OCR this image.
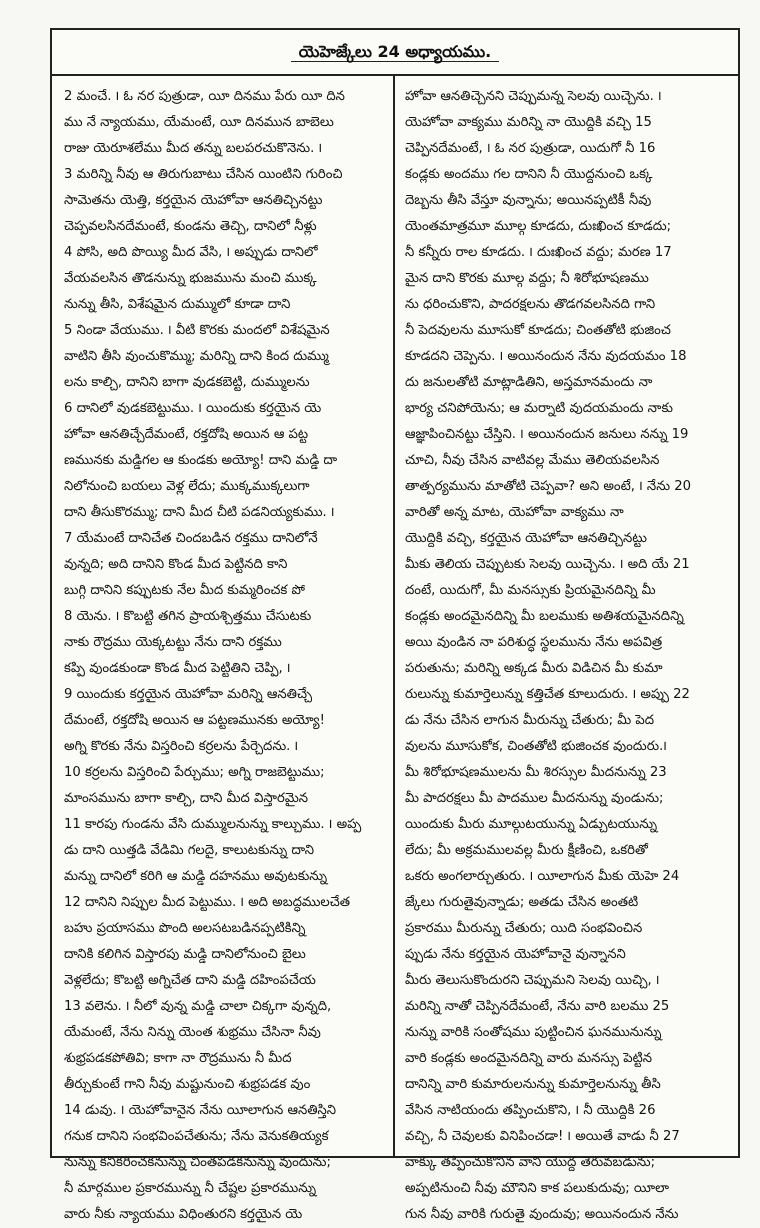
యెహెజ్కేలు 24 అధ్యాయము.
2 మంచే. ౹ ఓ నర పుత్రుడా, యీ దినము పేరు యీ దిన
ము నే న్యాయము, యేమంటే, యీ దినమున బాబెలు
రాజు యెరూశలేము మీద తన్ను బలపరచుకొనెను. ౹
3 మరిన్ని నీవు ఆ తిరుగుబాటు చేసిన యింటిని గురించి
సామెతను యెత్తి, కర్తయైన యెహోవా ఆనతిచ్చినట్టు
చెప్పవలసినదేమంటే, కుండను తెచ్చి, దానిలో నీళ్లు
4 పోసి, అది పొయ్యి మీద వేసి, ౹ అప్పుడు దానిలో
వేయవలసిన తొడనున్ను భుజమును మంచి ముక్క
నున్ను తీసి, విశేషమైన దుమ్ములో కూడా దాని
5 నిండా వేయుము. ౹ వీటి కొరకు మందలో విశేషమైన
వాటిని తీసి వుంచుకొమ్ము; మరిన్ని దాని కింద దుమ్ము
లను కాల్చి, దానిని బాగా వుడకబెట్టి, దుమ్ములను
6 దానిలో వుడకబెట్టుము. ౹ యిందుకు కర్తయైన యె
హోవా ఆనతిచ్చేదేమంటే, రక్తదోషి అయిన ఆ పట్ట
ణమునకు మడ్డిగల ఆ కుండకు అయ్యో! దాని మడ్డి దా
నిలోనుంచి బయలు వెళ్ల లేదు; ముక్కముక్కలుగా
దాని తీసుకొరమ్ము; దాని మీద చీటి పడనియ్యకుము. ౹
7 యేమంటే దానిచేత చిందబడిన రక్తము దానిలోనే
వున్నది; అది దానిని కొండ మీద పెట్టినది కాని
బుగ్గి దానిని కప్పుటకు నేల మీద కుమ్మరించక పో
8 యెను. ౹ కొబట్టి తగిన ప్రాయశ్చిత్తము చేసుటకు
నాకు రౌద్రము యెక్కటట్టు నేను దాని రక్తము
కప్పి వుండకుండా కొండ మీద పెట్టితిని చెప్పి, ౹
9 యిందుకు కర్తయైన యెహోవా మరిన్ని ఆనతిచ్చే
దేమంటే, రక్తదోషి అయిన ఆ పట్టణమునకు అయ్యో!
అగ్ని కొరకు నేను విస్తరించి కర్రలను పేర్చెదను. ౹
10 కర్రలను విస్తరించి పేర్చుము; అగ్ని రాజబెట్టుము;
మాంసమును బాగా కాల్చి, దాని మీద విస్తారమైన
11 కారపు గుండను వేసి దుమ్ములనున్ను కాల్చుము. ౹ అప్ప
డు దాని యిత్తడి వేడిమి గలదై, కాలుటకున్ను దాని
మన్ను దానిలో కరిగి ఆ మడ్డి దహనము అవుటకున్ను
12 దానిని నిప్పుల మీద పెట్టుము. ౹ అది అబద్ధములచేత
బహు ప్రయాసము పొంది అలసటబడినప్పటికిన్ని
దానికి కలిగిన విస్తారపు మడ్డి దానిలోనుంచి బైలు
వెళ్లలేదు; కొబట్టి అగ్నిచేత దాని మడ్డి దహింపచేయ
13 వలెను. ౹ నీలో వున్న మడ్డి చాలా చిక్కగా వున్నది,
యేమంటే, నేను నిన్ను యెంత శుభ్రము చేసినా నీవు
శుభ్రపడకపోతివి; కాగా నా రౌద్రమును నీ మీద
తీర్చుకుంటే గాని నీవు మష్టునుంచి శుభ్రపడక వుం
14 డువు. ౹ యెహోవానైన నేను యీలాగున ఆనతిస్తిని
గనుక దానిని సంభవింపచేతును; నేను వెనుకతియ్యక
నున్ను కనికరించకనున్ను చింతపడకనున్ను వుందును;
నీ మార్గముల ప్రకారమున్ను నీ చేష్టల ప్రకారమున్ను
వారు నీకు న్యాయము విధింతురని కర్తయైన యె
హోవా ఆనతిచ్చెనని చెప్పుమన్న సెలవు యిచ్చెను. ౹
యెహోవా వాక్యము మరిన్ని నా యొద్దికి వచ్చి 15
చెప్పినదేమంటే, ౹ ఓ నర పుత్రుడా, యిదుగో నీ 16
కండ్లకు అందము గల దానిని నీ యొద్దనుంచి ఒక్క
దెబ్బను తీసి వేస్తూ వున్నాను; అయినప్పటికీ నీవు
యెంతమాత్రమూ మూల్గ కూడదు, దుఃఖించ కూడదు;
నీ కన్నీరు రాల కూడదు. ౹ దుఃఖించ వద్దు; మరణ 17
మైన దాని కొరకు మూల్గ వద్దు; నీ శిరోభూషణము
ను ధరించుకొని, పాదరక్షలను తొడగవలసినది గాని
నీ పెదవులను మూసుకో కూడదు; చింతతోటి భుజించ
కూడదని చెప్పెను. ౹ అయినందున నేను వుదయమం 18
దు జనులతోటి మాట్లాడితిని, అస్తమానమందు నా
భార్య చనిపోయెను; ఆ మర్నాటి వుదయమందు నాకు
ఆజ్ఞాపించినట్టు చేస్తిని. ౹ అయినందున జనులు నన్ను 19
చూచి, నీవు చేసిన వాటివల్ల మేము తెలియవలసిన
తాత్పర్యమును మాతోటి చెప్పవా? అని అంటే, ౹ నేను 20
వారితో అన్న మాట, యెహోవా వాక్యము నా
యొద్దికి వచ్చి, కర్తయైన యెహోవా ఆనతిచ్చినట్టు
మీకు తెలియ చెప్పుటకు సెలవు యిచ్చెను. ౹ అది యే 21
దంటే, యిదుగో, మీ మనస్సుకు ప్రియమైనదిన్ని మీ
కండ్లకు అందమైనదిన్ని మీ బలముకు అతిశయమైనదిన్ని
అయి వుండిన నా పరిశుద్ధ స్థలమును నేను అపవిత్ర
పరుతును; మరిన్ని అక్కడ మీరు విడిచిన మీ కుమా
రులున్ను కుమార్తెలున్ను కత్తిచేత కూలుదురు. ౹ అప్పు 22
డు నేను చేసిన లాగున మీరున్ను చేతురు; మీ పెద
వులను మూసుకోక, చింతతోటి భుజించక వుందురు.౹
మీ శిరోభూషణములను మీ శిరస్సుల మీదనున్ను 23
మీ పాదరక్షలు మీ పాదముల మీదనున్ను వుండును;
యిందుకు మీరు మూల్గుటయున్ను ఏడ్చుటయున్ను
లేదు; మీ అక్రమములవల్ల మీరు క్షీణించి, ఒకరితో
ఒకరు అంగలార్చుతురు. ౹ యీలాగున మీకు యెహె 24
జ్కేలు గురుతైవున్నాడు; అతడు చేసిన అంతటి
ప్రకారము మీరున్ను చేతురు; యిది సంభవించిన
ప్పుడు నేను కర్తయైన యెహోవానై వున్నానని
మీరు తెలుసుకొందురని చెప్పుమని సెలవు యిచ్చి, ౹
మరిన్ని నాతో చెప్పినదేమంటే, నేను వారి బలము 25
నున్ను వారికి సంతోషము పుట్టించిన ఘనమునున్ను
వారి కండ్లకు అందమైనదిన్ని వారు మనస్సు పెట్టిన
దానిన్ని వారి కుమారులనున్ను కుమార్తెలనున్ను తీసి
వేసిన నాటియందు తప్పించుకొని, ౹ నీ యొద్దికి 26
వచ్చి, నీ చెవులకు వినిపించడా! ౹ అయితే వాడు నీ 27
వాక్కు తప్పించుకొనిన వాని యొద్ద తెరువబడును;
అప్పటినుంచి నీవు మౌనిని కాక పలుకుదువు; యీలా
గున నీవు వారికి గురుతై వుందువు; అయినందున నేను
